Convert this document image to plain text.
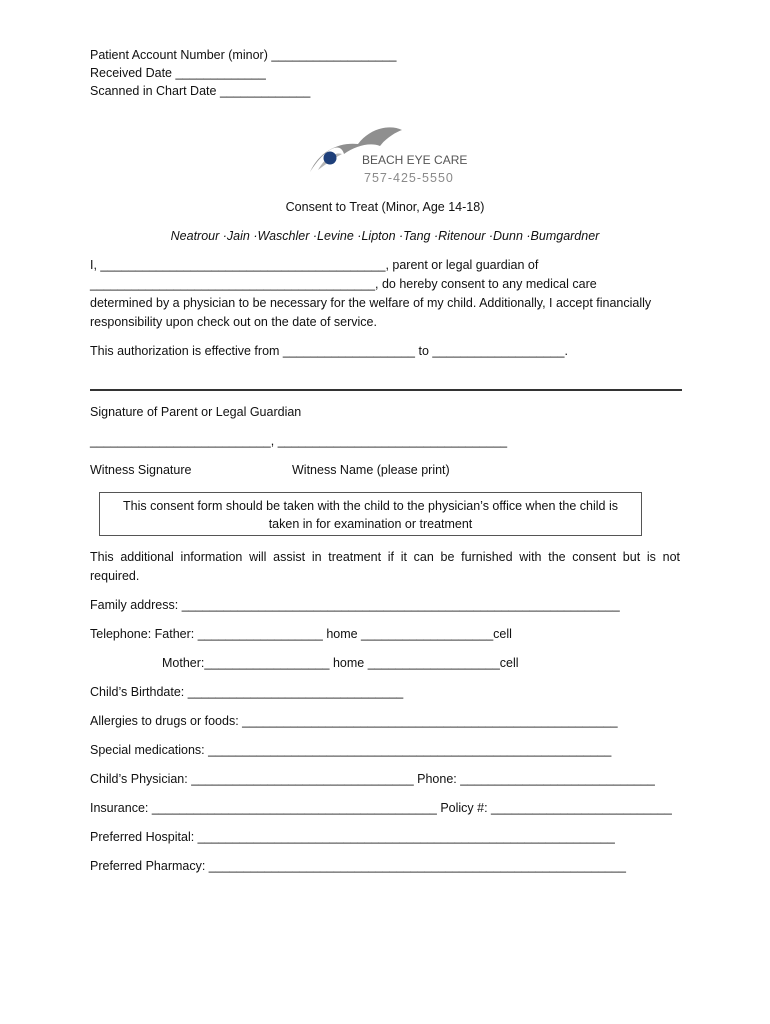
Patient Account Number (minor) __________________
Received Date _____________
Scanned in Chart Date _____________
BEACH EYE CARE
757-425-5550
Consent to Treat (Minor, Age 14-18)
Neatrour ·Jain ·Waschler ·Levine ·Lipton ·Tang ·Ritenour ·Dunn ·Bumgardner
I, _________________________________________, parent or legal guardian of
_________________________________________, do hereby consent to any medical care
determined by a physician to be necessary for the welfare of my child. Additionally, I accept financially
responsibility upon check out on the date of service.
This authorization is effective from ___________________ to ___________________.
Signature of Parent or Legal Guardian
__________________________, _________________________________
Witness Signature	Witness Name (please print)
This consent form should be taken with the child to the physician’s office when the child is
taken in for examination or treatment
This additional information will assist in treatment if it can be furnished with the consent but is not
required.
Family address: _______________________________________________________________
Telephone: Father: __________________ home ___________________cell
Mother:__________________ home ___________________cell
Child’s Birthdate: _______________________________
Allergies to drugs or foods: ______________________________________________________
Special medications: __________________________________________________________
Child’s Physician: ________________________________ Phone: ____________________________
Insurance: _________________________________________ Policy #: __________________________
Preferred Hospital: ____________________________________________________________
Preferred Pharmacy: ____________________________________________________________
